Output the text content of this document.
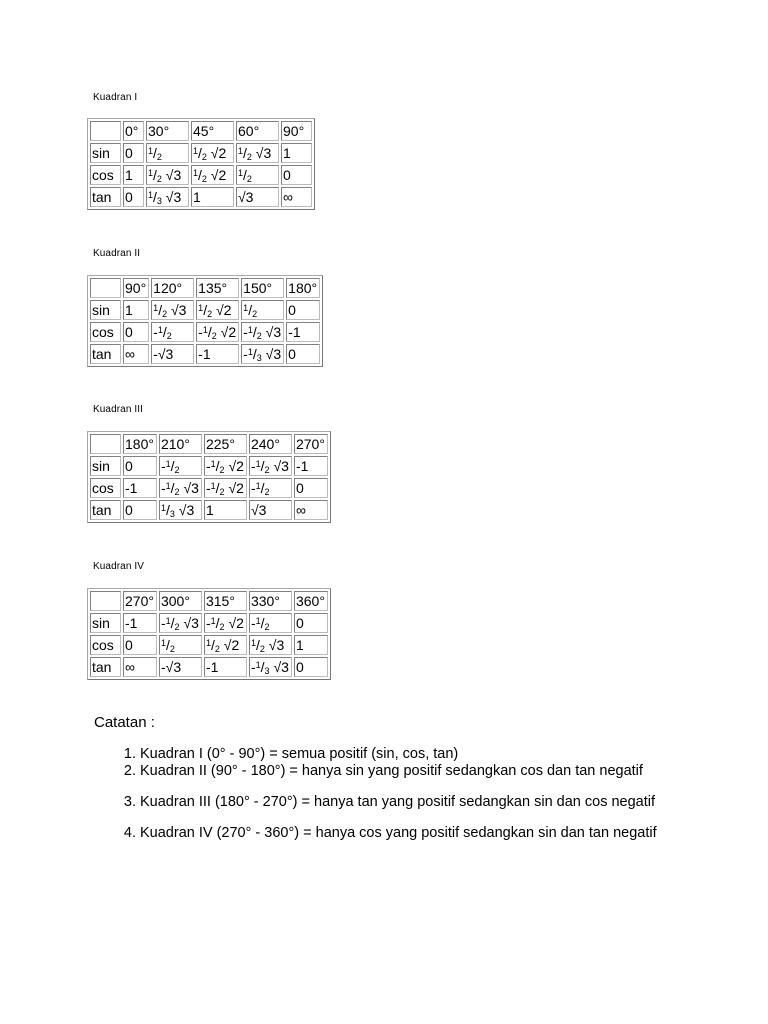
Kuadran I
	0°	30°	45°	60°	90°
sin	0	$^1/_2$	$^1/_2$ √2	$^1/_2$ √3	1
cos	1	$^1/_2$ √3	$^1/_2$ √2	$^1/_2$	0
tan	0	$^1/_3$ √3	1	√3	∞
Kuadran II
	90°	120°	135°	150°	180°
sin	1	$^1/_2$ √3	$^1/_2$ √2	$^1/_2$	0
cos	0	$-^1/_2$	$-^1/_2$ √2	$-^1/_2$ √3	-1
tan	∞	-√3	-1	$-^1/_3$ √3	0
Kuadran III
	180°	210°	225°	240°	270°
sin	0	$-^1/_2$	$-^1/_2$ √2	$-^1/_2$ √3	-1
cos	-1	$-^1/_2$ √3	$-^1/_2$ √2	$-^1/_2$	0
tan	0	$^1/_3$ √3	1	√3	∞
Kuadran IV
	270°	300°	315°	330°	360°
sin	-1	$-^1/_2$ √3	$-^1/_2$ √2	$-^1/_2$	0
cos	0	$^1/_2$	$^1/_2$ √2	$^1/_2$ √3	1
tan	∞	-√3	-1	$-^1/_3$ √3	0
Catatan :
1. Kuadran I (0° - 90°) = semua positif (sin, cos, tan)
2. Kuadran II (90° - 180°) = hanya sin yang positif sedangkan cos dan tan negatif
3. Kuadran III (180° - 270°) = hanya tan yang positif sedangkan sin dan cos negatif
4. Kuadran IV (270° - 360°) = hanya cos yang positif sedangkan sin dan tan negatif
